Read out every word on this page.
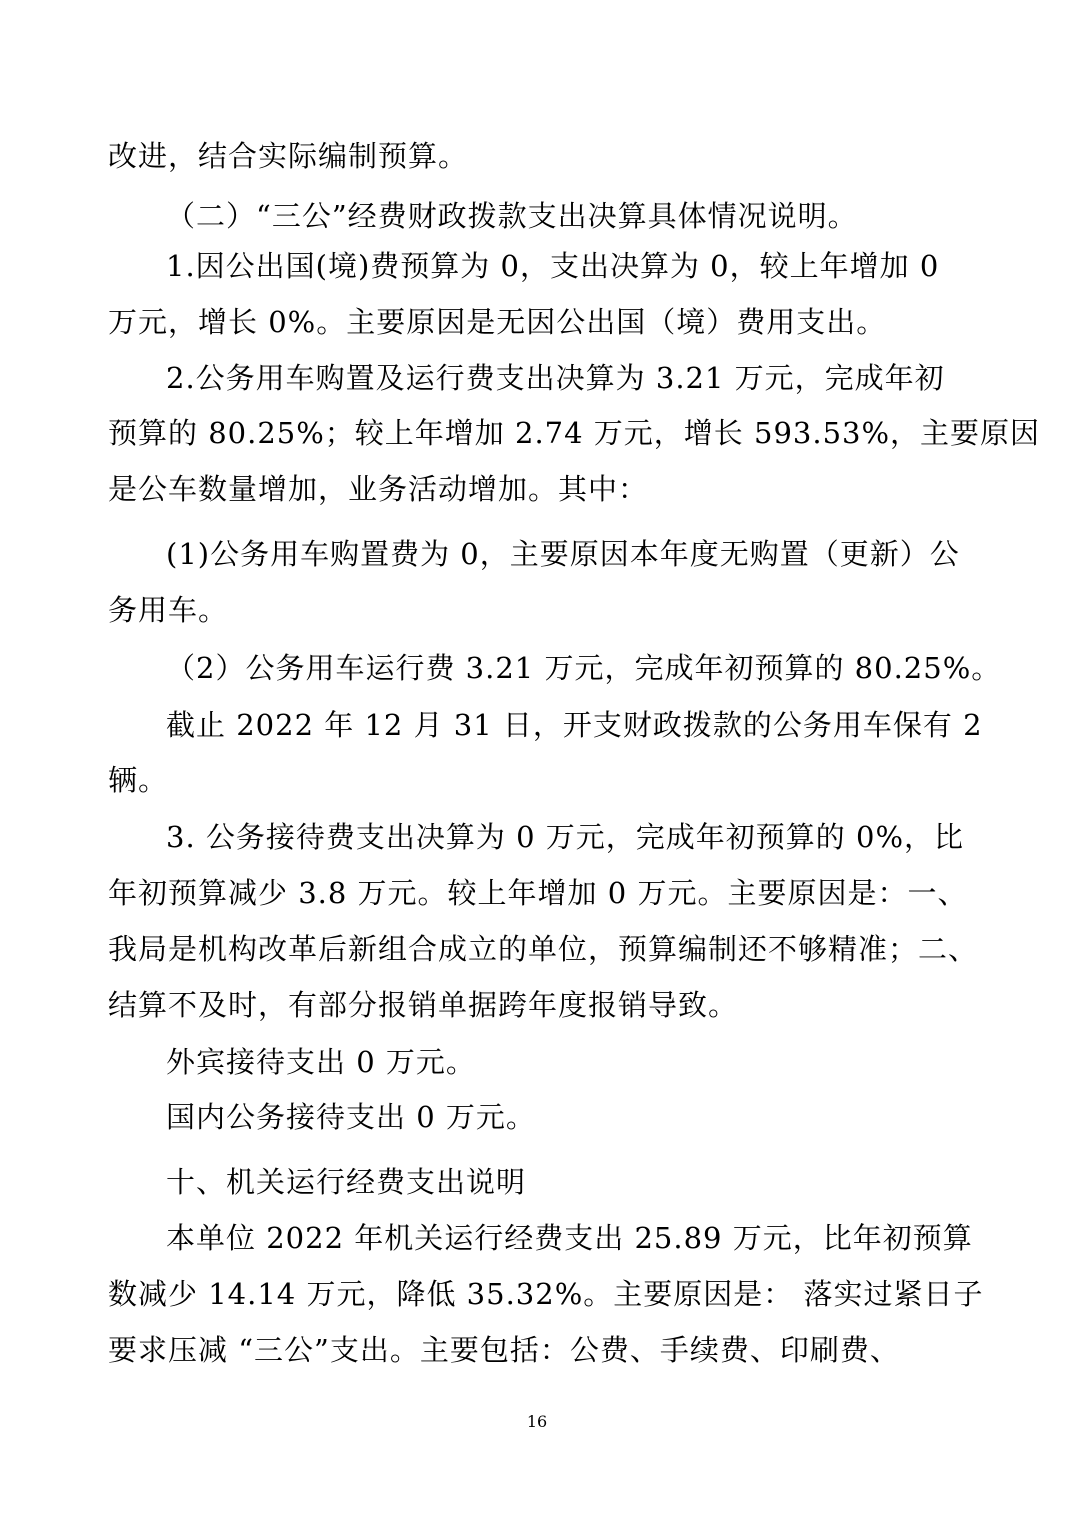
改进，结合实际编制预算。
（二）“三公”经费财政拨款支出决算具体情况说明。
1.因公出国(境)费预算为 0，支出决算为 0，较上年增加 0
万元，增长 0%。主要原因是无因公出国（境）费用支出。
2.公务用车购置及运行费支出决算为 3.21 万元，完成年初
预算的 80.25%；较上年增加 2.74 万元，增长 593.53%，主要原因
是公车数量增加，业务活动增加。其中：
(1)公务用车购置费为 0，主要原因本年度无购置（更新）公
务用车。
（2）公务用车运行费 3.21 万元，完成年初预算的 80.25%。
截止 2022 年 12 月 31 日，开支财政拨款的公务用车保有 2
辆。
3. 公务接待费支出决算为 0 万元，完成年初预算的 0%，比
年初预算减少 3.8 万元。较上年增加 0 万元。主要原因是：一、
我局是机构改革后新组合成立的单位，预算编制还不够精准；二、
结算不及时，有部分报销单据跨年度报销导致。
外宾接待支出 0 万元。
国内公务接待支出 0 万元。
十、机关运行经费支出说明
本单位 2022 年机关运行经费支出 25.89 万元，比年初预算
数减少 14.14 万元，降低 35.32%。主要原因是： 落实过紧日子
要求压减 “三公”支出。主要包括：公费、手续费、印刷费、
16
